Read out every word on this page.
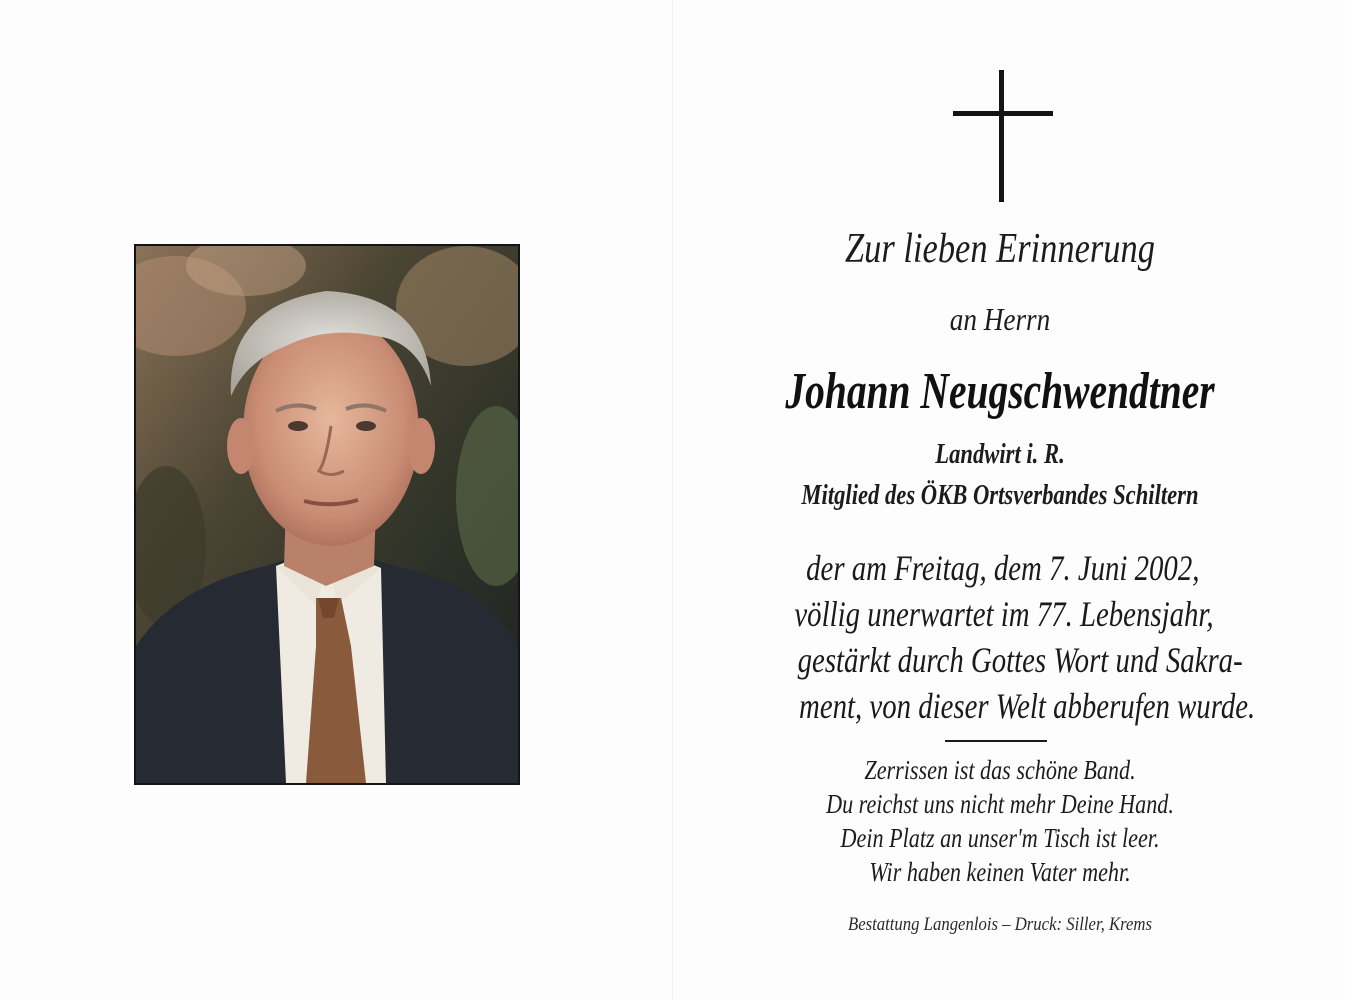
Zur lieben Erinnerung
an Herrn
Johann Neugschwendtner
Landwirt i. R.
Mitglied des ÖKB Ortsverbandes Schiltern
der am Freitag, dem 7. Juni 2002,
völlig unerwartet im 77. Lebensjahr,
gestärkt durch Gottes Wort und Sakra-
ment, von dieser Welt abberufen wurde.
Zerrissen ist das schöne Band.
Du reichst uns nicht mehr Deine Hand.
Dein Platz an unser'm Tisch ist leer.
Wir haben keinen Vater mehr.
Bestattung Langenlois – Druck: Siller, Krems
